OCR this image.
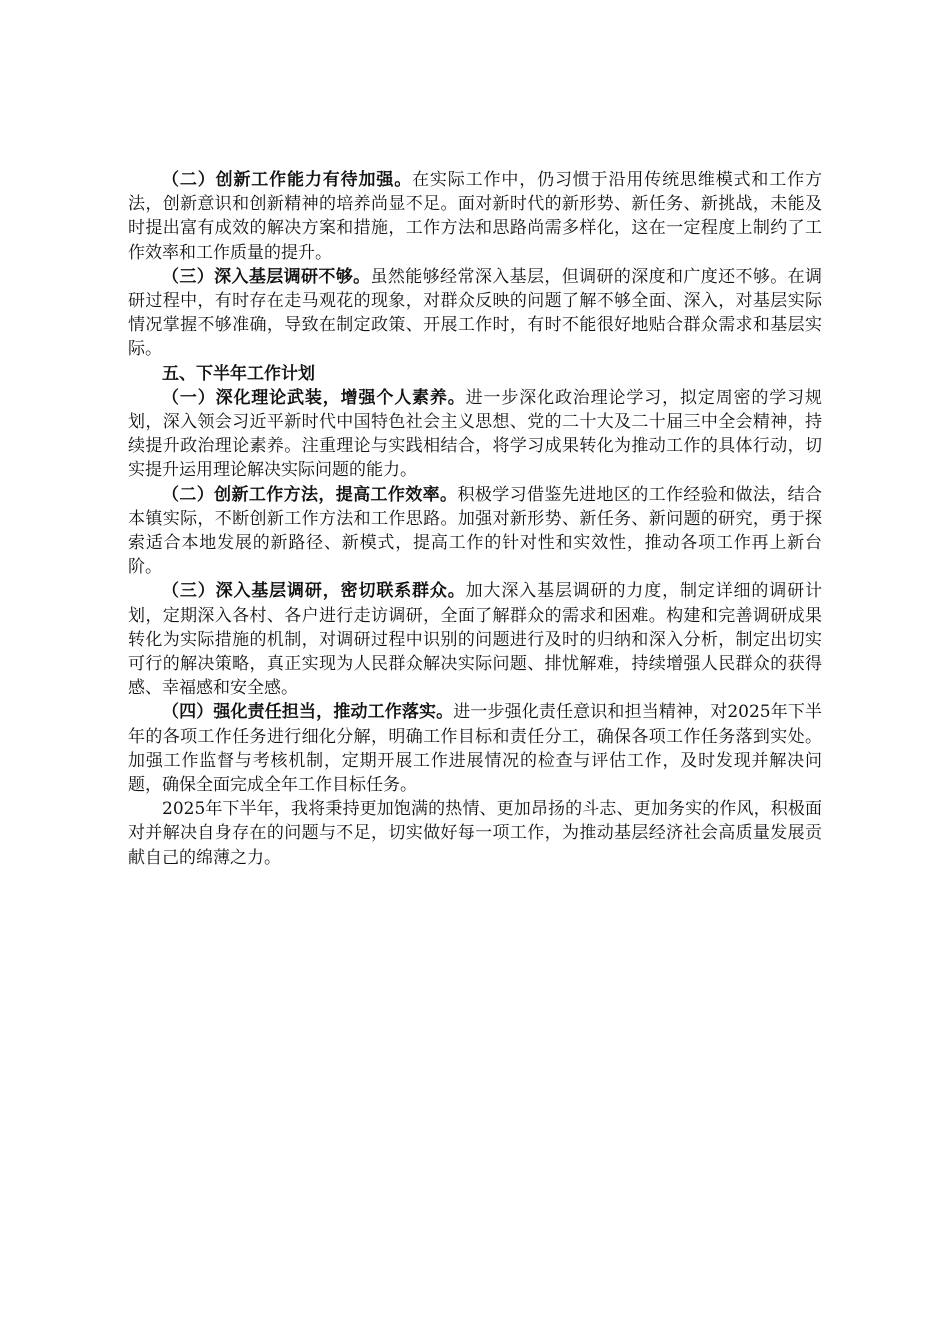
（二）创新工作能力有待加强。在实际工作中，仍习惯于沿用传统思维模式和工作方法，创新意识和创新精神的培养尚显不足。面对新时代的新形势、新任务、新挑战，未能及时提出富有成效的解决方案和措施，工作方法和思路尚需多样化，这在一定程度上制约了工作效率和工作质量的提升。

（三）深入基层调研不够。虽然能够经常深入基层，但调研的深度和广度还不够。在调研过程中，有时存在走马观花的现象，对群众反映的问题了解不够全面、深入，对基层实际情况掌握不够准确，导致在制定政策、开展工作时，有时不能很好地贴合群众需求和基层实际。

五、下半年工作计划

（一）深化理论武装，增强个人素养。进一步深化政治理论学习，拟定周密的学习规划，深入领会习近平新时代中国特色社会主义思想、党的二十大及二十届三中全会精神，持续提升政治理论素养。注重理论与实践相结合，将学习成果转化为推动工作的具体行动，切实提升运用理论解决实际问题的能力。

（二）创新工作方法，提高工作效率。积极学习借鉴先进地区的工作经验和做法，结合本镇实际，不断创新工作方法和工作思路。加强对新形势、新任务、新问题的研究，勇于探索适合本地发展的新路径、新模式，提高工作的针对性和实效性，推动各项工作再上新台阶。

（三）深入基层调研，密切联系群众。加大深入基层调研的力度，制定详细的调研计划，定期深入各村、各户进行走访调研，全面了解群众的需求和困难。构建和完善调研成果转化为实际措施的机制，对调研过程中识别的问题进行及时的归纳和深入分析，制定出切实可行的解决策略，真正实现为人民群众解决实际问题、排忧解难，持续增强人民群众的获得感、幸福感和安全感。

（四）强化责任担当，推动工作落实。进一步强化责任意识和担当精神，对2025年下半年的各项工作任务进行细化分解，明确工作目标和责任分工，确保各项工作任务落到实处。加强工作监督与考核机制，定期开展工作进展情况的检查与评估工作，及时发现并解决问题，确保全面完成全年工作目标任务。

2025年下半年，我将秉持更加饱满的热情、更加昂扬的斗志、更加务实的作风，积极面对并解决自身存在的问题与不足，切实做好每一项工作，为推动基层经济社会高质量发展贡献自己的绵薄之力。
